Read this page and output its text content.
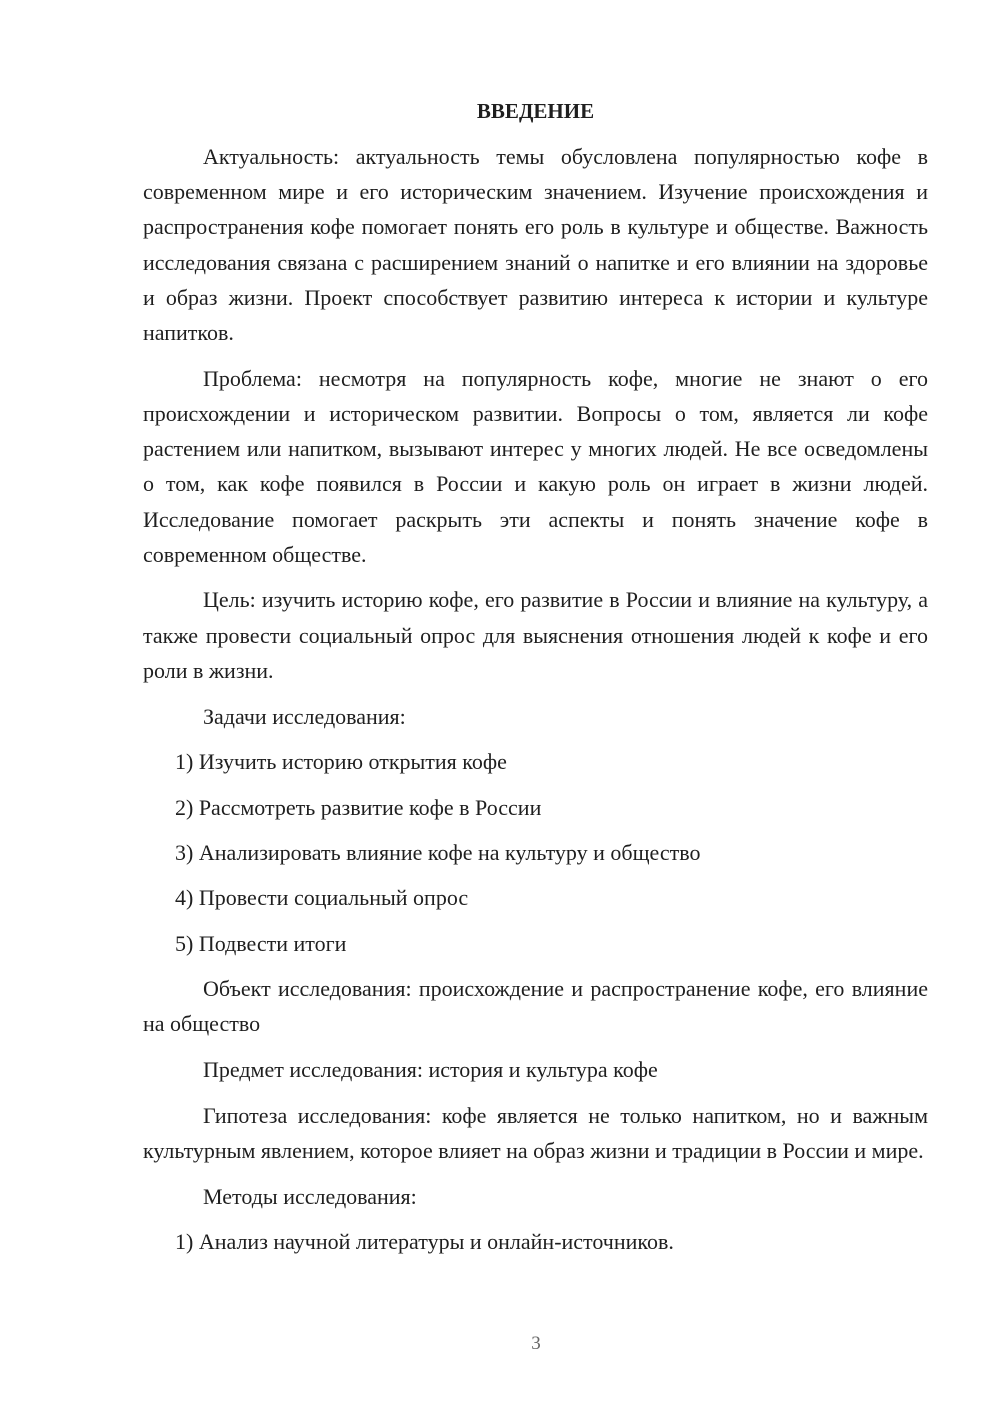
ВВЕДЕНИЕ

Актуальность: актуальность темы обусловлена популярностью кофе в современном мире и его историческим значением. Изучение происхождения и распространения кофе помогает понять его роль в культуре и обществе. Важность исследования связана с расширением знаний о напитке и его влиянии на здоровье и образ жизни. Проект способствует развитию интереса к истории и культуре напитков.

Проблема: несмотря на популярность кофе, многие не знают о его происхождении и историческом развитии. Вопросы о том, является ли кофе растением или напитком, вызывают интерес у многих людей. Не все осведомлены о том, как кофе появился в России и какую роль он играет в жизни людей. Исследование помогает раскрыть эти аспекты и понять значение кофе в современном обществе.

Цель: изучить историю кофе, его развитие в России и влияние на культуру, а также провести социальный опрос для выяснения отношения людей к кофе и его роли в жизни.

Задачи исследования:

1) Изучить историю открытия кофе
2) Рассмотреть развитие кофе в России
3) Анализировать влияние кофе на культуру и общество
4) Провести социальный опрос
5) Подвести итоги

Объект исследования: происхождение и распространение кофе, его влияние на общество

Предмет исследования: история и культура кофе

Гипотеза исследования: кофе является не только напитком, но и важным культурным явлением, которое влияет на образ жизни и традиции в России и мире.

Методы исследования:

1) Анализ научной литературы и онлайн-источников.
3
